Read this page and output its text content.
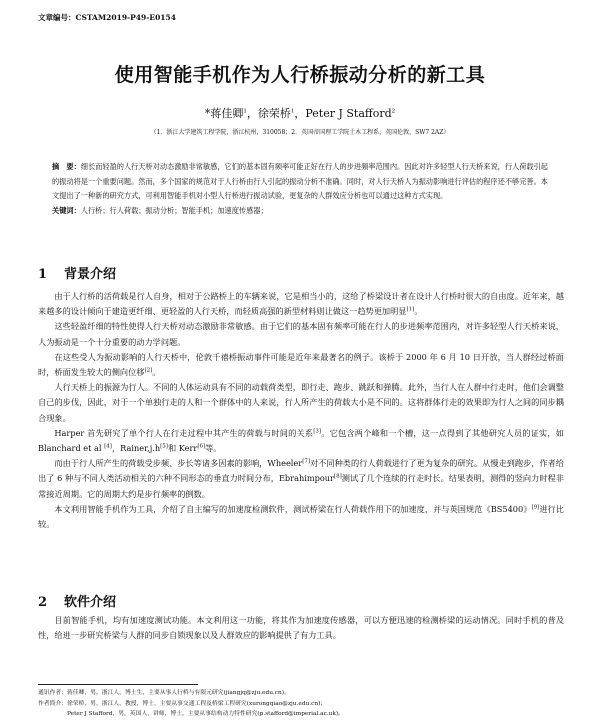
文章编号：CSTAM2019-P49-E0154
使用智能手机作为人行桥振动分析的新工具
*蒋佳卿$^1$，徐荣桥$^1$，Peter J Stafford$^2$
（1．浙江大学建筑工程学院，浙江杭州，310058；2．英国帝国理工学院土木工程系，英国伦敦，SW7 2AZ）
摘　要：细长而轻盈的人行天桥对动态激励非常敏感，它们的基本固有频率可能正好在行人的步进频率范围内。因此对许多轻型人行天桥来说，行人荷载引起的振动将是一个重要问题。然而，多个国家的规范对于人行桥由行人引起的振动分析不准确。同时，对人行天桥人为振动影响进行评估的程序还不够完善。本文提出了一种新的研究方式，可利用智能手机对小型人行桥进行振动试验，更复杂的人群效应分析也可以通过这种方式实现。
关键词：人行桥；行人荷载；振动分析；智能手机；加速度传感器；
1 背景介绍

由于人行桥的活荷载是行人自身，相对于公路桥上的车辆来说，它是相当小的，这给了桥梁设计者在设计人行桥时很大的自由度。近年来，越来越多的设计倾向于建造更纤细、更轻盈的人行天桥，而轻质高强的新型材料则让做这一趋势更加明显[1]。

这些轻盈纤细的特性使得人行天桥对动态激励非常敏感。由于它们的基本固有频率可能在行人的步进频率范围内，对许多轻型人行天桥来说，人为振动是一个十分重要的动力学问题。

在这些受人为振动影响的人行天桥中，伦敦千禧桥振动事件可能是近年来最著名的例子。该桥于 2000 年 6 月 10 日开放，当人群经过桥面时，桥面发生较大的侧向位移[2]。

人行天桥上的振源为行人。不同的人体运动具有不同的动载荷类型，即行走、跑步、跳跃和弹腾。此外，当行人在人群中行走时，他们会调整自己的步伐，因此，对于一个单独行走的人和一个群体中的人来说，行人所产生的荷载大小是不同的。这将群体行走的效果即为行人之间的同步耦合现象。

Harper 首先研究了单个行人在行走过程中其产生的荷载与时间的关系[3]。它包含两个峰和一个槽，这一点得到了其他研究人员的证实，如 Blanchard et al [4]，Rainer,j.h[5]和 Kerr[6]等。

而由于行人所产生的荷载受步频、步长等诸多因素的影响，Wheeler[7]对不同种类的行人荷载进行了更为复杂的研究。从慢走到跑步，作者给出了 6 种与不同人类活动相关的六种不同形态的垂直力时间分布，Ebrahimpour[8]测试了几个连续的行走时长。结果表明，测得的竖向力时程非常接近周期。它的周期大约是步行频率的倒数。

本文利用智能手机作为工具，介绍了自主编写的加速度检测软件，测试桥梁在行人荷载作用下的加速度，并与英国规范《BS5400》[9]进行比较。

2 软件介绍

目前智能手机，均有加速度测试功能。本文利用这一功能，将其作为加速度传感器，可以方便迅速的检测桥梁的运动情况。同时手机的普及性，给进一步研究桥梁与人群的同步自锁现象以及人群效应的影响提供了有力工具。

通讯作者：蒋佳卿，男，浙江人，博士生，主要从事人行桥与有限元研究(jiangjq@zju.edu.cn)。
作者简介：徐荣桥，男，浙江人，教授，博士，主要从事交通工程及桥梁工程研究(xurongqiao@zju.edu.cn)；
Peter J Stafford，男，英国人，讲师，博士，主要从事结构动力特性研究(p.stafford@imperial.ac.uk)。
